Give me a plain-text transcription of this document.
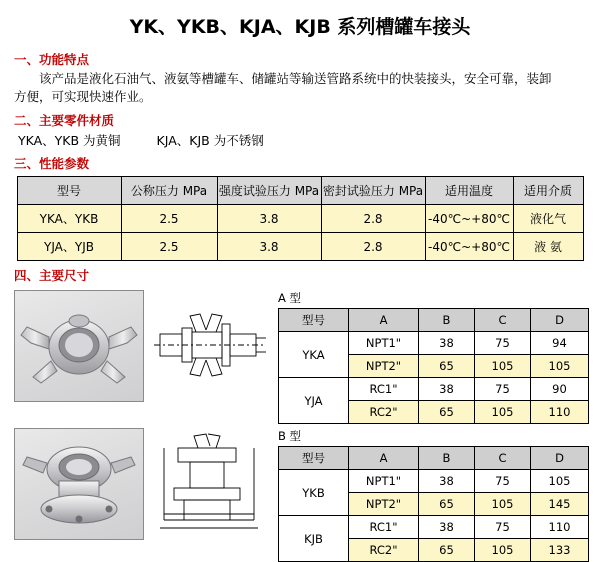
YK、YKB、KJA、KJB 系列槽罐车接头
一、功能特点
该产品是液化石油气、液氨等槽罐车、储罐站等输送管路系统中的快装接头，安全可靠，装卸
方便，可实现快速作业。
二、主要零件材质
YKA、YKB 为黄铜	KJA、KJB 为不锈钢
三、性能参数
型号	公称压力 MPa	强度试验压力 MPa	密封试验压力 MPa	适用温度	适用介质
YKA、YKB	2.5	3.8	2.8	-40℃~+80℃	液化气
YJA、YJB	2.5	3.8	2.8	-40℃~+80℃	液 氨
四、主要尺寸
A 型
型号	A	B	C	D
YKA	NPT1"	38	75	94
	NPT2"	65	105	105
YJA	RC1"	38	75	90
	RC2"	65	105	110
B 型
型号	A	B	C	D
YKB	NPT1"	38	75	105
	NPT2"	65	105	145
KJB	RC1"	38	75	110
	RC2"	65	105	133
